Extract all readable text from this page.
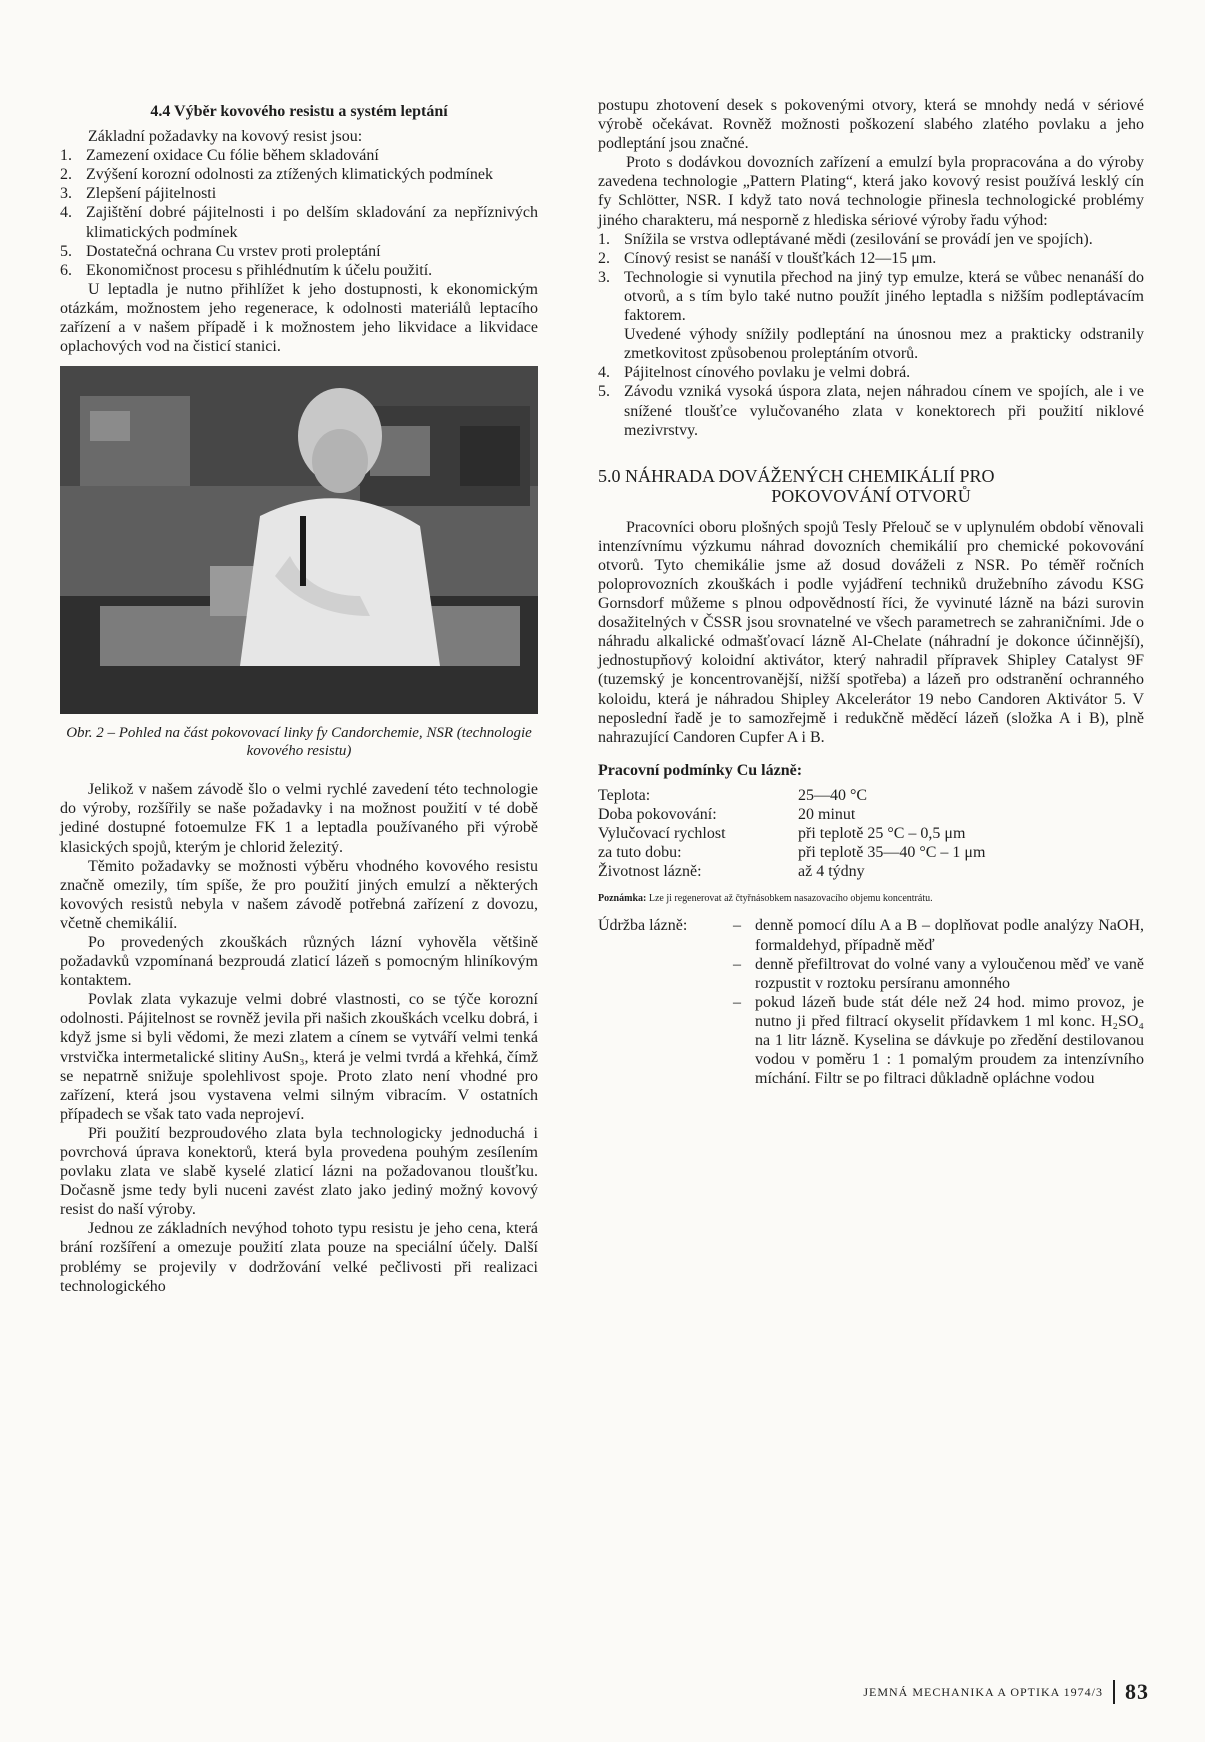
4.4 Výběr kovového resistu a systém leptání

Základní požadavky na kovový resist jsou:

1. Zamezení oxidace Cu fólie během skladování
2. Zvýšení korozní odolnosti za ztížených klimatických podmínek
3. Zlepšení pájitelnosti
4. Zajištění dobré pájitelnosti i po delším skladování za nepříznivých klimatických podmínek
5. Dostatečná ochrana Cu vrstev proti proleptání
6. Ekonomičnost procesu s přihlédnutím k účelu použití.

U leptadla je nutno přihlížet k jeho dostupnosti, k ekonomickým otázkám, možnostem jeho regenerace, k odolnosti materiálů leptacího zařízení a v našem případě i k možnostem jeho likvidace a likvidace oplachových vod na čisticí stanici.

Obr. 2 – Pohled na část pokovovací linky fy Candorchemie, NSR (technologie kovového resistu)

Jelikož v našem závodě šlo o velmi rychlé zavedení této technologie do výroby, rozšířily se naše požadavky i na možnost použití v té době jediné dostupné fotoemulze FK 1 a leptadla používaného při výrobě klasických spojů, kterým je chlorid železitý.

Těmito požadavky se možnosti výběru vhodného kovového resistu značně omezily, tím spíše, že pro použití jiných emulzí a některých kovových resistů nebyla v našem závodě potřebná zařízení z dovozu, včetně chemikálií.

Po provedených zkouškách různých lázní vyhověla většině požadavků vzpomínaná bezproudá zlaticí lázeň s pomocným hliníkovým kontaktem.

Povlak zlata vykazuje velmi dobré vlastnosti, co se týče korozní odolnosti. Pájitelnost se rovněž jevila při našich zkouškách vcelku dobrá, i když jsme si byli vědomi, že mezi zlatem a cínem se vytváří velmi tenká vrstvička intermetalické slitiny AuSn₃, která je velmi tvrdá a křehká, čímž se nepatrně snižuje spolehlivost spoje. Proto zlato není vhodné pro zařízení, která jsou vystavena velmi silným vibracím. V ostatních případech se však tato vada neprojeví.

Při použití bezproudového zlata byla technologicky jednoduchá i povrchová úprava konektorů, která byla provedena pouhým zesílením povlaku zlata ve slabě kyselé zlaticí lázni na požadovanou tloušťku. Dočasně jsme tedy byli nuceni zavést zlato jako jediný možný kovový resist do naší výroby.

Jednou ze základních nevýhod tohoto typu resistu je jeho cena, která brání rozšíření a omezuje použití zlata pouze na speciální účely. Další problémy se projevily v dodržování velké pečlivosti při realizaci technologického

postupu zhotovení desek s pokovenými otvory, která se mnohdy nedá v sériové výrobě očekávat. Rovněž možnosti poškození slabého zlatého povlaku a jeho podleptání jsou značné.

Proto s dodávkou dovozních zařízení a emulzí byla propracována a do výroby zavedena technologie „Pattern Plating“, která jako kovový resist používá lesklý cín fy Schlötter, NSR. I když tato nová technologie přinesla technologické problémy jiného charakteru, má nesporně z hlediska sériové výroby řadu výhod:

1. Snížila se vrstva odleptávané mědi (zesilování se provádí jen ve spojích).
2. Cínový resist se nanáší v tloušťkách 12—15 μm.
3. Technologie si vynutila přechod na jiný typ emulze, která se vůbec nenanáší do otvorů, a s tím bylo také nutno použít jiného leptadla s nižším podleptávacím faktorem.
Uvedené výhody snížily podleptání na únosnou mez a prakticky odstranily zmetkovitost způsobenou proleptáním otvorů.
4. Pájitelnost cínového povlaku je velmi dobrá.
5. Závodu vzniká vysoká úspora zlata, nejen náhradou cínem ve spojích, ale i ve snížené tloušťce vylučovaného zlata v konektorech při použití niklové mezivrstvy.
5.0 NÁHRADA DOVÁŽENÝCH CHEMIKÁLIÍ PRO
POKOVOVÁNÍ OTVORŮ

Pracovníci oboru plošných spojů Tesly Přelouč se v uplynulém období věnovali intenzívnímu výzkumu náhrad dovozních chemikálií pro chemické pokovování otvorů. Tyto chemikálie jsme až dosud dováželi z NSR. Po téměř ročních poloprovozních zkouškách i podle vyjádření techniků družebního závodu KSG Gornsdorf můžeme s plnou odpovědností říci, že vyvinuté lázně na bázi surovin dosažitelných v ČSSR jsou srovnatelné ve všech parametrech se zahraničními. Jde o náhradu alkalické odmašťovací lázně Al-Chelate (náhradní je dokonce účinnější), jednostupňový koloidní aktivátor, který nahradil přípravek Shipley Catalyst 9F (tuzemský je koncentrovanější, nižší spotřeba) a lázeň pro odstranění ochranného koloidu, která je náhradou Shipley Akcelerátor 19 nebo Candoren Aktivátor 5. V neposlední řadě je to samozřejmě i redukčně měděcí lázeň (složka A i B), plně nahrazující Candoren Cupfer A i B.

Pracovní podmínky Cu lázně:

Teplota:	25—40 °C
Doba pokovování:	20 minut
Vylučovací rychlost	při teplotě 25 °C – 0,5 μm
za tuto dobu:	při teplotě 35—40 °C – 1 μm
Životnost lázně:	až 4 týdny

Poznámka: Lze ji regenerovat až čtyřnásobkem nasazovacího objemu koncentrátu.

Údržba lázně:
–	denně pomocí dílu A a B – doplňovat podle analýzy NaOH, formaldehyd, případně měď
– denně přefiltrovat do volné vany a vyloučenou měď ve vaně rozpustit v roztoku persíranu amonného
– pokud lázeň bude stát déle než 24 hod. mimo provoz, je nutno ji před filtrací okyselit přídavkem 1 ml konc. H₂SO₄ na 1 litr lázně. Kyselina se dávkuje po zředění destilovanou vodou v poměru 1 : 1 pomalým proudem za intenzívního míchání. Filtr se po filtraci důkladně opláchne vodou
JEMNÁ MECHANIKA A OPTIKA 1974/3	83
